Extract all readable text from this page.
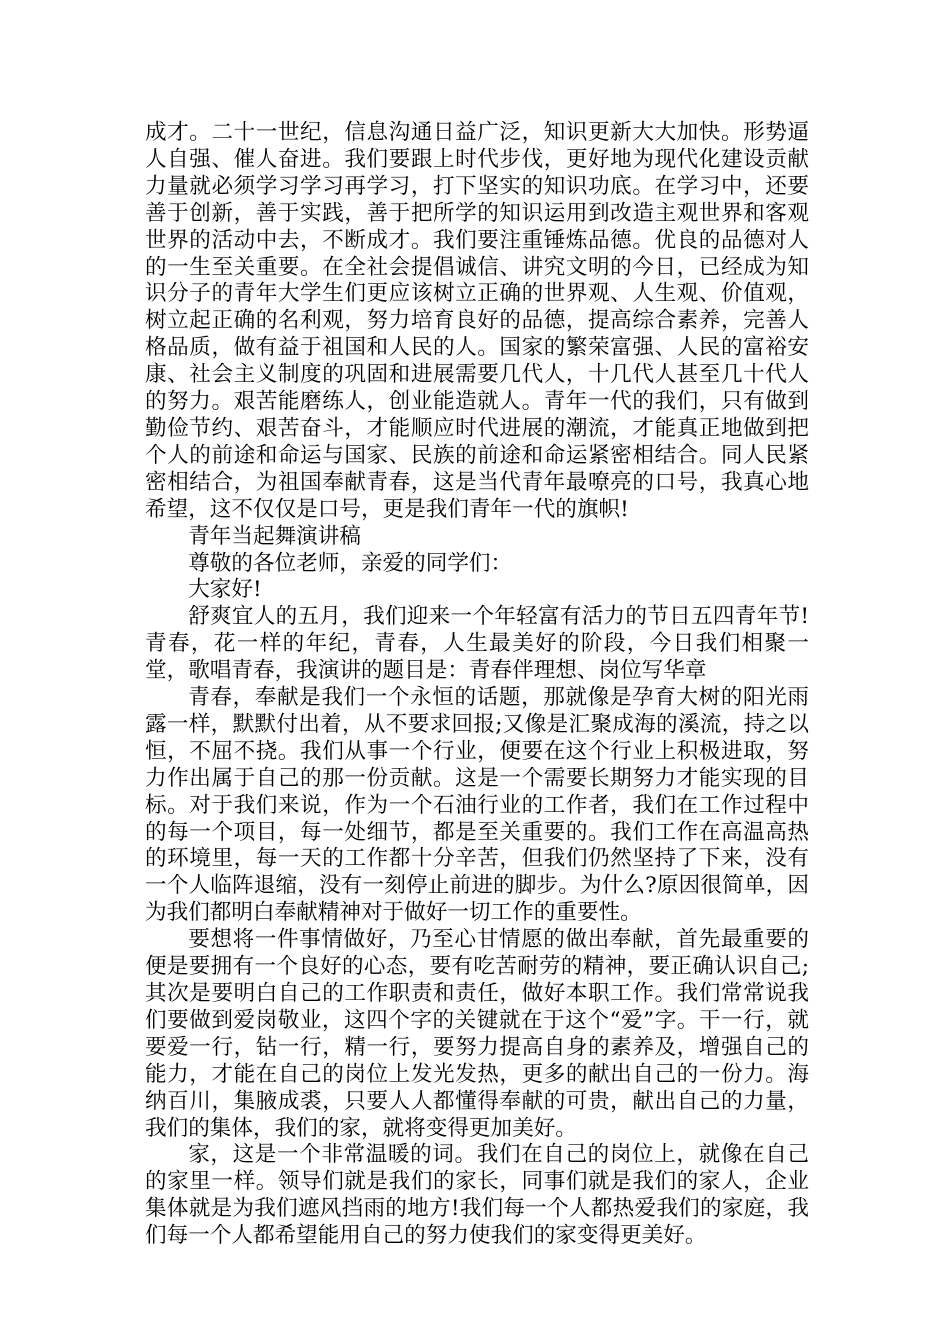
成才。二十一世纪，信息沟通日益广泛，知识更新大大加快。形势逼人自强、催人奋进。我们要跟上时代步伐，更好地为现代化建设贡献力量就必须学习学习再学习，打下坚实的知识功底。在学习中，还要善于创新，善于实践，善于把所学的知识运用到改造主观世界和客观世界的活动中去，不断成才。我们要注重锤炼品德。优良的品德对人的一生至关重要。在全社会提倡诚信、讲究文明的今日，已经成为知识分子的青年大学生们更应该树立正确的世界观、人生观、价值观，树立起正确的名利观，努力培育良好的品德，提高综合素养，完善人格品质，做有益于祖国和人民的人。国家的繁荣富强、人民的富裕安康、社会主义制度的巩固和进展需要几代人，十几代人甚至几十代人的努力。艰苦能磨练人，创业能造就人。青年一代的我们，只有做到勤俭节约、艰苦奋斗，才能顺应时代进展的潮流，才能真正地做到把个人的前途和命运与国家、民族的前途和命运紧密相结合。同人民紧密相结合，为祖国奉献青春，这是当代青年最嘹亮的口号，我真心地希望，这不仅仅是口号，更是我们青年一代的旗帜!

青年当起舞演讲稿

尊敬的各位老师，亲爱的同学们：

大家好!

舒爽宜人的五月，我们迎来一个年轻富有活力的节日五四青年节!青春，花一样的年纪，青春，人生最美好的阶段，今日我们相聚一堂，歌唱青春，我演讲的题目是：青春伴理想、岗位写华章

青春，奉献是我们一个永恒的话题，那就像是孕育大树的阳光雨露一样，默默付出着，从不要求回报;又像是汇聚成海的溪流，持之以恒，不屈不挠。我们从事一个行业，便要在这个行业上积极进取，努力作出属于自己的那一份贡献。这是一个需要长期努力才能实现的目标。对于我们来说，作为一个石油行业的工作者，我们在工作过程中的每一个项目，每一处细节，都是至关重要的。我们工作在高温高热的环境里，每一天的工作都十分辛苦，但我们仍然坚持了下来，没有一个人临阵退缩，没有一刻停止前进的脚步。为什么?原因很简单，因为我们都明白奉献精神对于做好一切工作的重要性。

要想将一件事情做好，乃至心甘情愿的做出奉献，首先最重要的便是要拥有一个良好的心态，要有吃苦耐劳的精神，要正确认识自己;其次是要明白自己的工作职责和责任，做好本职工作。我们常常说我们要做到爱岗敬业，这四个字的关键就在于这个“爱”字。干一行，就要爱一行，钻一行，精一行，要努力提高自身的素养及，增强自己的能力，才能在自己的岗位上发光发热，更多的献出自己的一份力。海纳百川，集腋成裘，只要人人都懂得奉献的可贵，献出自己的力量，我们的集体，我们的家，就将变得更加美好。

家，这是一个非常温暖的词。我们在自己的岗位上，就像在自己的家里一样。领导们就是我们的家长，同事们就是我们的家人，企业集体就是为我们遮风挡雨的地方!我们每一个人都热爱我们的家庭，我们每一个人都希望能用自己的努力使我们的家变得更美好。
